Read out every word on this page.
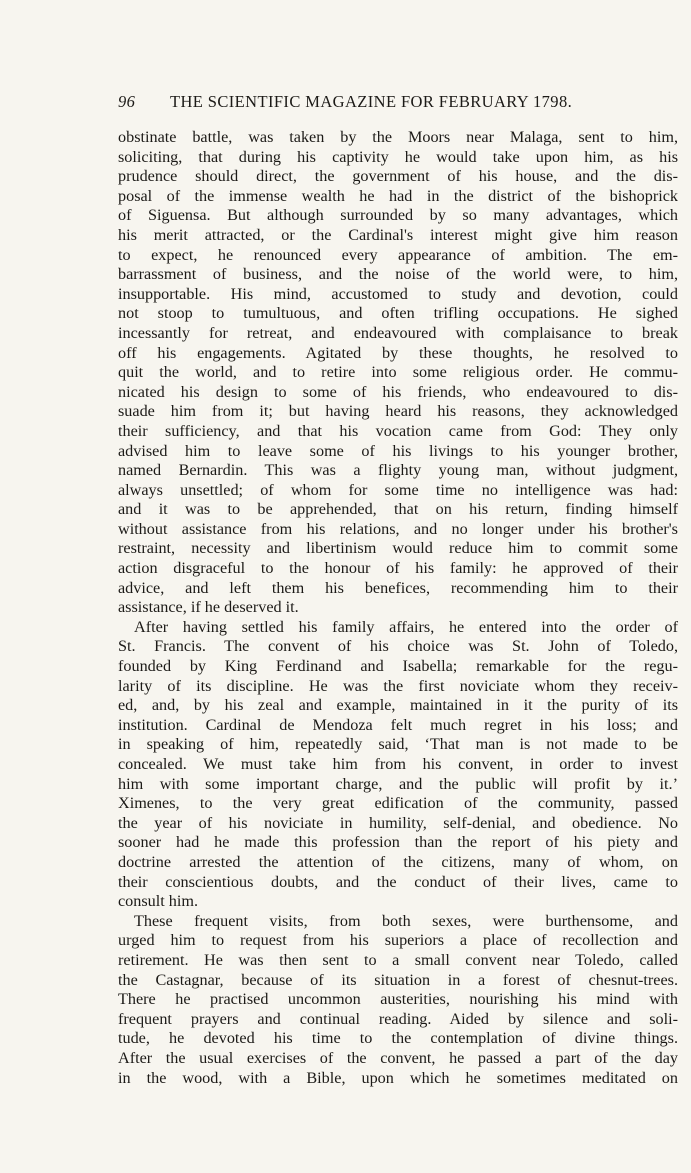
96 THE SCIENTIFIC MAGAZINE FOR FEBRUARY 1798.
obstinate battle, was taken by the Moors near Malaga, sent to him,
soliciting, that during his captivity he would take upon him, as his
prudence should direct, the government of his house, and the dis-
posal of the immense wealth he had in the district of the bishoprick
of Siguensa. But although surrounded by so many advantages, which
his merit attracted, or the Cardinal's interest might give him reason
to expect, he renounced every appearance of ambition. The em-
barrassment of business, and the noise of the world were, to him,
insupportable. His mind, accustomed to study and devotion, could
not stoop to tumultuous, and often trifling occupations. He sighed
incessantly for retreat, and endeavoured with complaisance to break
off his engagements. Agitated by these thoughts, he resolved to
quit the world, and to retire into some religious order. He commu-
nicated his design to some of his friends, who endeavoured to dis-
suade him from it; but having heard his reasons, they acknowledged
their sufficiency, and that his vocation came from God: They only
advised him to leave some of his livings to his younger brother,
named Bernardin. This was a flighty young man, without judgment,
always unsettled; of whom for some time no intelligence was had:
and it was to be apprehended, that on his return, finding himself
without assistance from his relations, and no longer under his brother's
restraint, necessity and libertinism would reduce him to commit some
action disgraceful to the honour of his family: he approved of their
advice, and left them his benefices, recommending him to their
assistance, if he deserved it.
After having settled his family affairs, he entered into the order of
St. Francis. The convent of his choice was St. John of Toledo,
founded by King Ferdinand and Isabella; remarkable for the regu-
larity of its discipline. He was the first noviciate whom they receiv-
ed, and, by his zeal and example, maintained in it the purity of its
institution. Cardinal de Mendoza felt much regret in his loss; and
in speaking of him, repeatedly said, ‘That man is not made to be
concealed. We must take him from his convent, in order to invest
him with some important charge, and the public will profit by it.’
Ximenes, to the very great edification of the community, passed
the year of his noviciate in humility, self-denial, and obedience. No
sooner had he made this profession than the report of his piety and
doctrine arrested the attention of the citizens, many of whom, on
their conscientious doubts, and the conduct of their lives, came to
consult him.
These frequent visits, from both sexes, were burthensome, and
urged him to request from his superiors a place of recollection and
retirement. He was then sent to a small convent near Toledo, called
the Castagnar, because of its situation in a forest of chesnut-trees.
There he practised uncommon austerities, nourishing his mind with
frequent prayers and continual reading. Aided by silence and soli-
tude, he devoted his time to the contemplation of divine things.
After the usual exercises of the convent, he passed a part of the day
in the wood, with a Bible, upon which he sometimes meditated on
